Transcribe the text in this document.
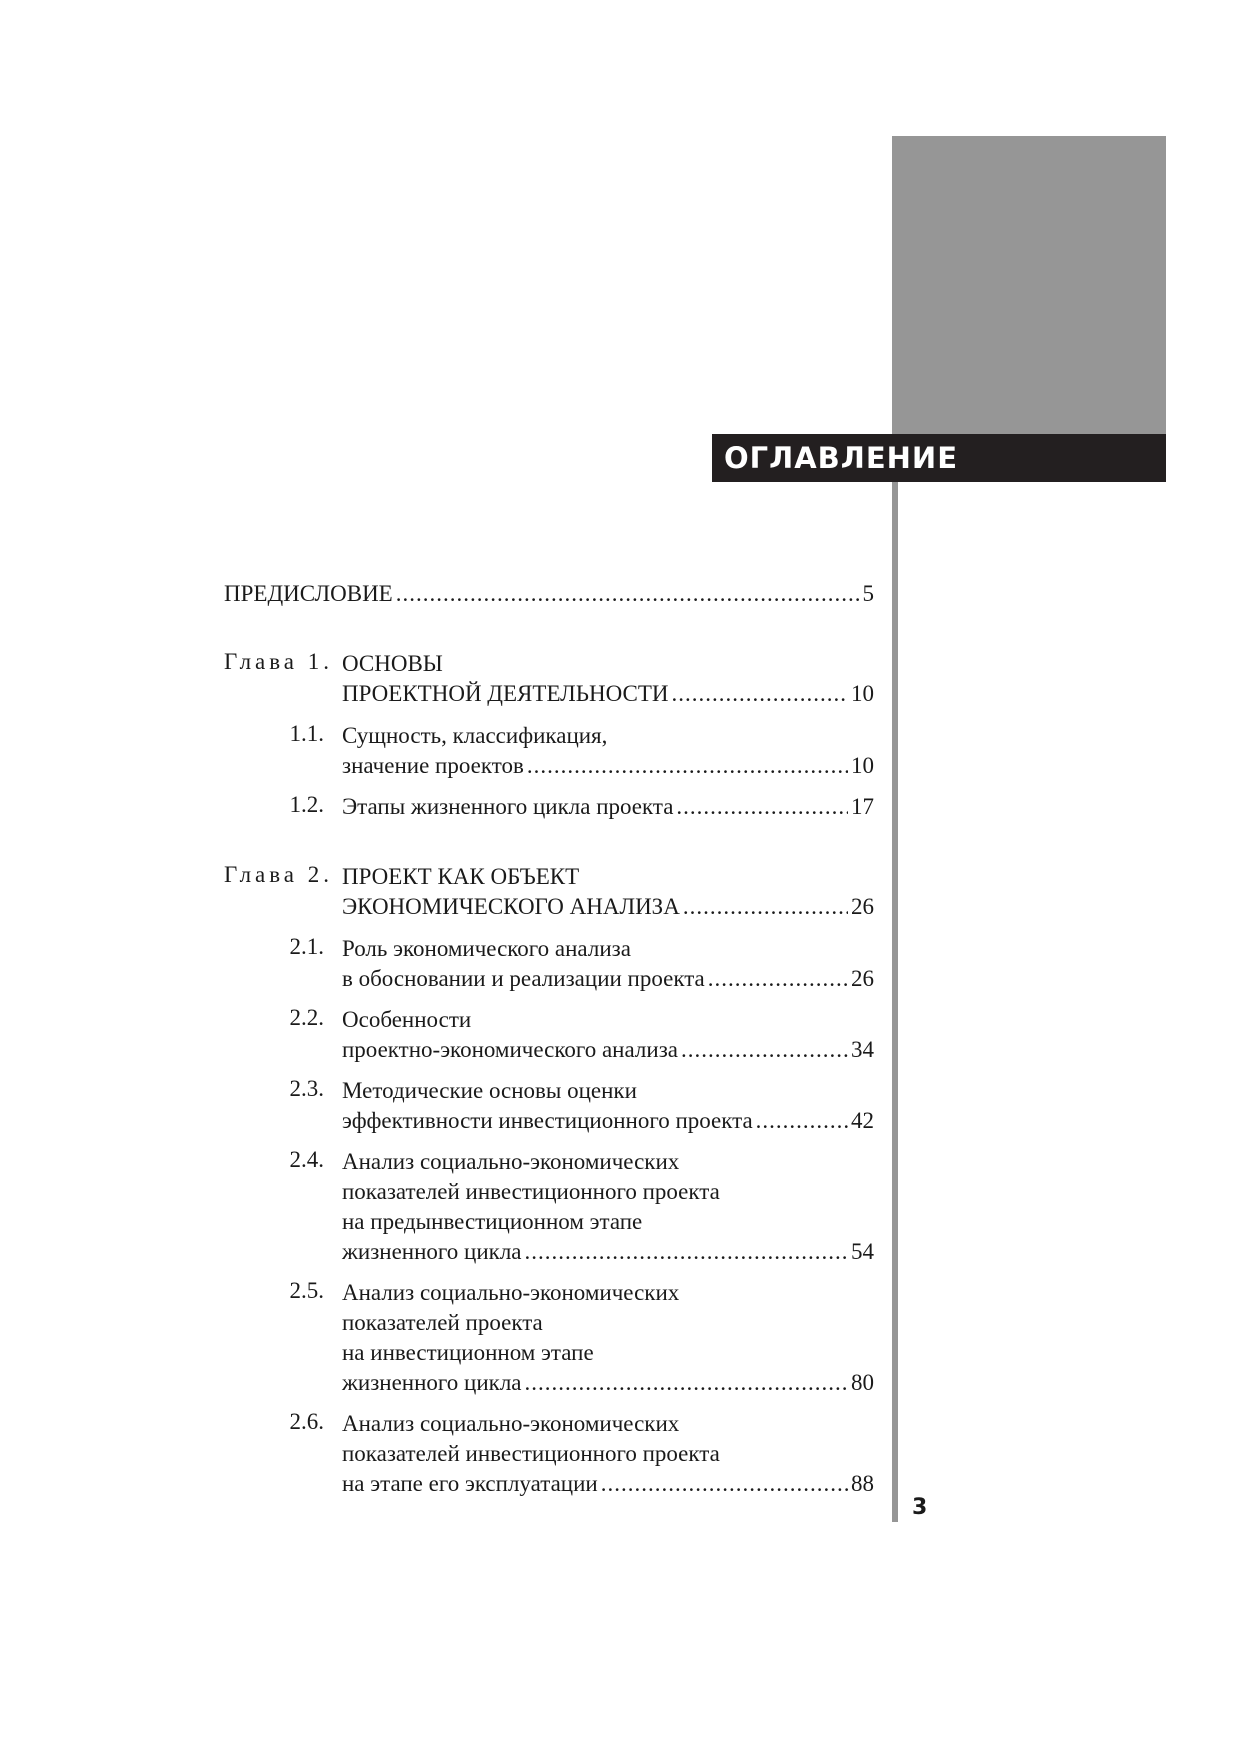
ОГЛАВЛЕНИЕ
3
ПРЕДИСЛОВИЕ .....	5
Глава 1. ОСНОВЫ
ПРОЕКТНОЙ ДЕЯТЕЛЬНОСТИ .....	10
1.1. Сущность, классификация,
значение проектов .....	10
1.2. Этапы жизненного цикла проекта .....	17
Глава 2. ПРОЕКТ КАК ОБЪЕКТ
ЭКОНОМИЧЕСКОГО АНАЛИЗА .....	26
2.1. Роль экономического анализа
в обосновании и реализации проекта .....	26
2.2. Особенности
проектно-экономического анализа .....	34
2.3. Методические основы оценки
эффективности инвестиционного проекта .....	42
2.4. Анализ социально-экономических
показателей инвестиционного проекта
на предынвестиционном этапе
жизненного цикла .....	54
2.5. Анализ социально-экономических
показателей проекта
на инвестиционном этапе
жизненного цикла .....	80
2.6. Анализ социально-экономических
показателей инвестиционного проекта
на этапе его эксплуатации .....	88
